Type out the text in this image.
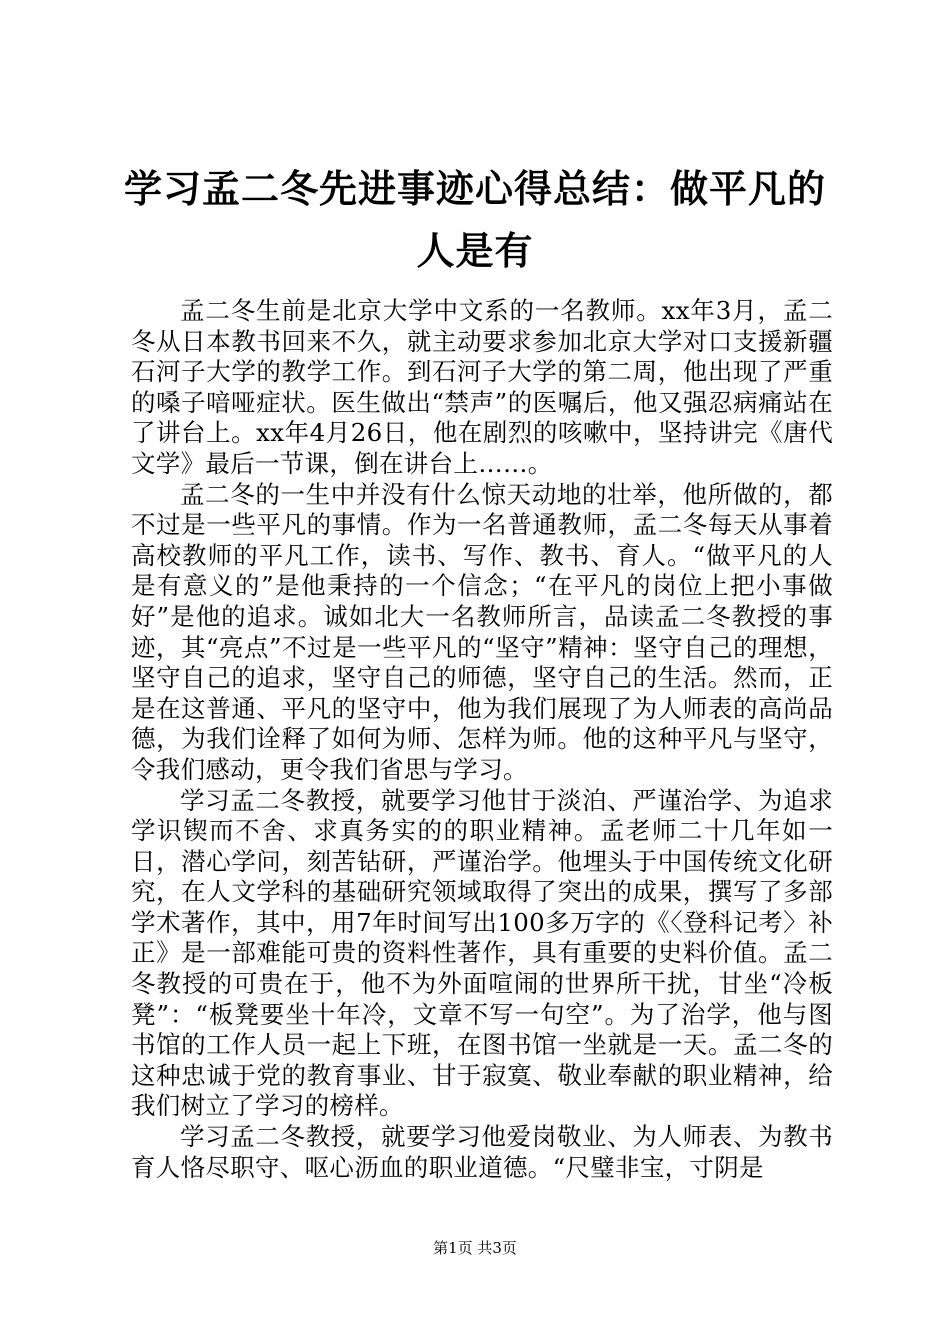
学习孟二冬先进事迹心得总结：做平凡的人是有

孟二冬生前是北京大学中文系的一名教师。xx年3月，孟二冬从日本教书回来不久，就主动要求参加北京大学对口支援新疆石河子大学的教学工作。到石河子大学的第二周，他出现了严重的嗓子喑哑症状。医生做出“禁声”的医嘱后，他又强忍病痛站在了讲台上。xx年4月26日，他在剧烈的咳嗽中，坚持讲完《唐代文学》最后一节课，倒在讲台上……。

孟二冬的一生中并没有什么惊天动地的壮举，他所做的，都不过是一些平凡的事情。作为一名普通教师，孟二冬每天从事着高校教师的平凡工作，读书、写作、教书、育人。“做平凡的人是有意义的”是他秉持的一个信念；“在平凡的岗位上把小事做好”是他的追求。诚如北大一名教师所言，品读孟二冬教授的事迹，其“亮点”不过是一些平凡的“坚守”精神：坚守自己的理想，坚守自己的追求，坚守自己的师德，坚守自己的生活。然而，正是在这普通、平凡的坚守中，他为我们展现了为人师表的高尚品德，为我们诠释了如何为师、怎样为师。他的这种平凡与坚守，令我们感动，更令我们省思与学习。

学习孟二冬教授，就要学习他甘于淡泊、严谨治学、为追求学识锲而不舍、求真务实的的职业精神。孟老师二十几年如一日，潜心学问，刻苦钻研，严谨治学。他埋头于中国传统文化研究，在人文学科的基础研究领域取得了突出的成果，撰写了多部学术著作，其中，用7年时间写出100多万字的《〈登科记考〉补正》是一部难能可贵的资料性著作，具有重要的史料价值。孟二冬教授的可贵在于，他不为外面喧闹的世界所干扰，甘坐“冷板凳”：“板凳要坐十年冷，文章不写一句空”。为了治学，他与图书馆的工作人员一起上下班，在图书馆一坐就是一天。孟二冬的这种忠诚于党的教育事业、甘于寂寞、敬业奉献的职业精神，给我们树立了学习的榜样。

学习孟二冬教授，就要学习他爱岗敬业、为人师表、为教书育人恪尽职守、呕心沥血的职业道德。“尺璧非宝，寸阴是

第1页 共3页
